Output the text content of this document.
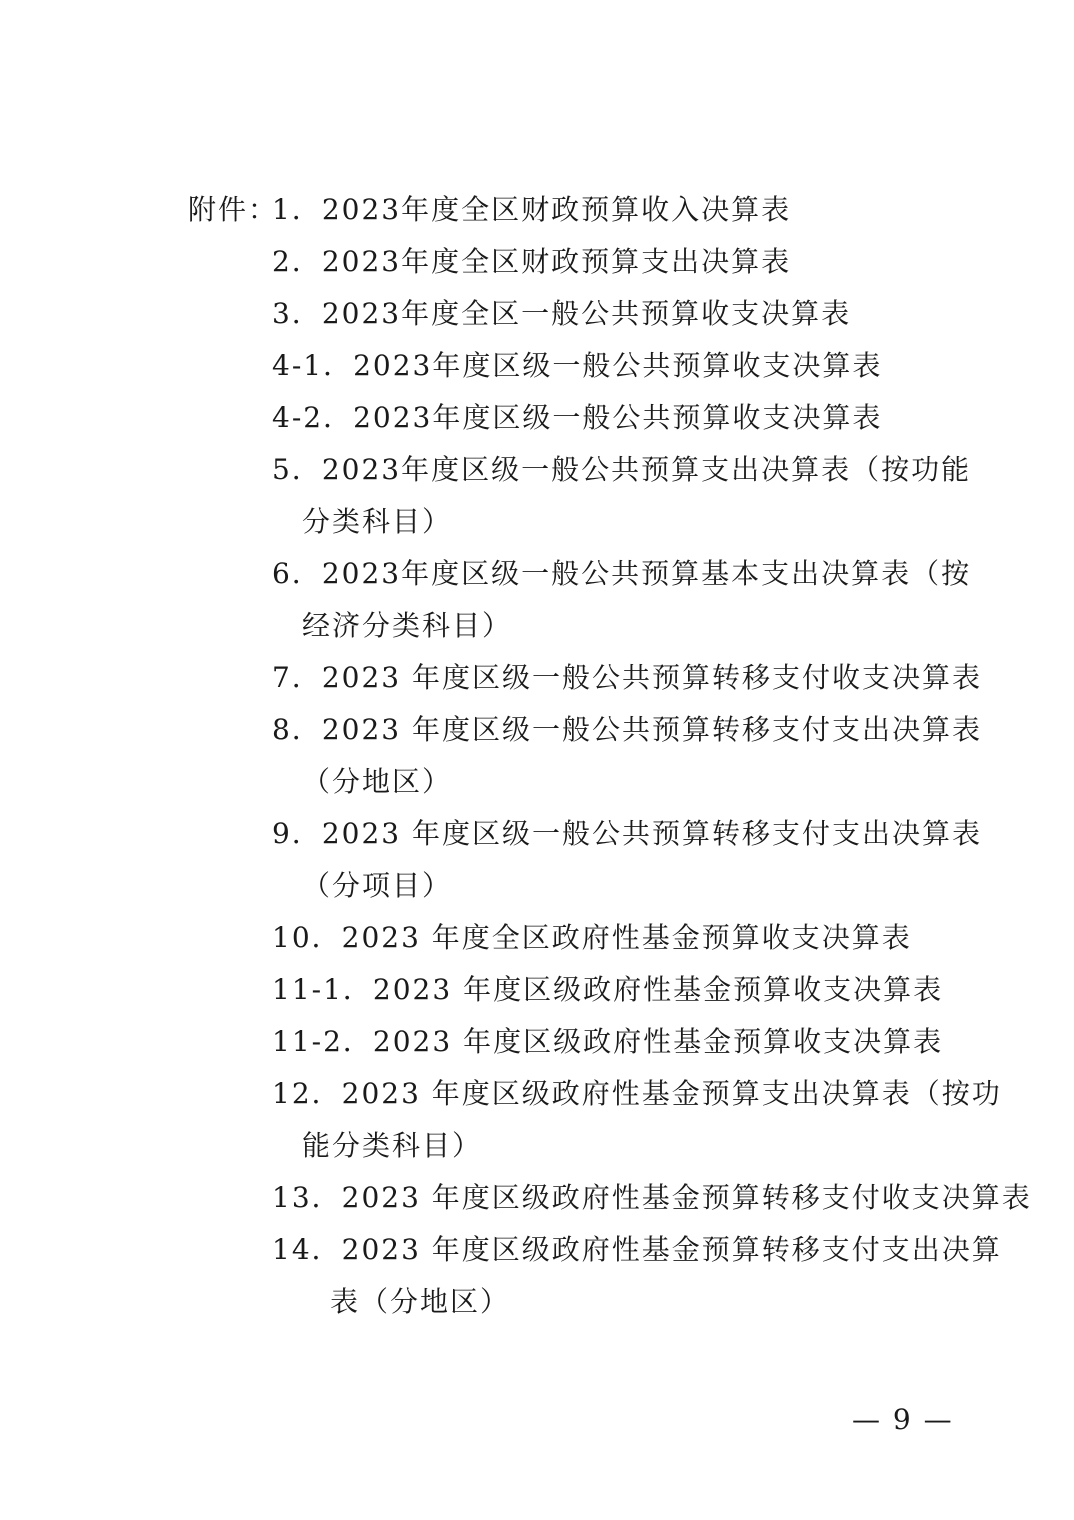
附件：
1．2023年度全区财政预算收入决算表
2．2023年度全区财政预算支出决算表
3．2023年度全区一般公共预算收支决算表
4-1．2023年度区级一般公共预算收支决算表
4-2．2023年度区级一般公共预算收支决算表
5．2023年度区级一般公共预算支出决算表（按功能
分类科目）
6．2023年度区级一般公共预算基本支出决算表（按
经济分类科目）
7．2023 年度区级一般公共预算转移支付收支决算表
8．2023 年度区级一般公共预算转移支付支出决算表
（分地区）
9．2023 年度区级一般公共预算转移支付支出决算表
（分项目）
10．2023 年度全区政府性基金预算收支决算表
11-1．2023 年度区级政府性基金预算收支决算表
11-2．2023 年度区级政府性基金预算收支决算表
12．2023 年度区级政府性基金预算支出决算表（按功
能分类科目）
13．2023 年度区级政府性基金预算转移支付收支决算表
14．2023 年度区级政府性基金预算转移支付支出决算
表（分地区）
— 9 —
